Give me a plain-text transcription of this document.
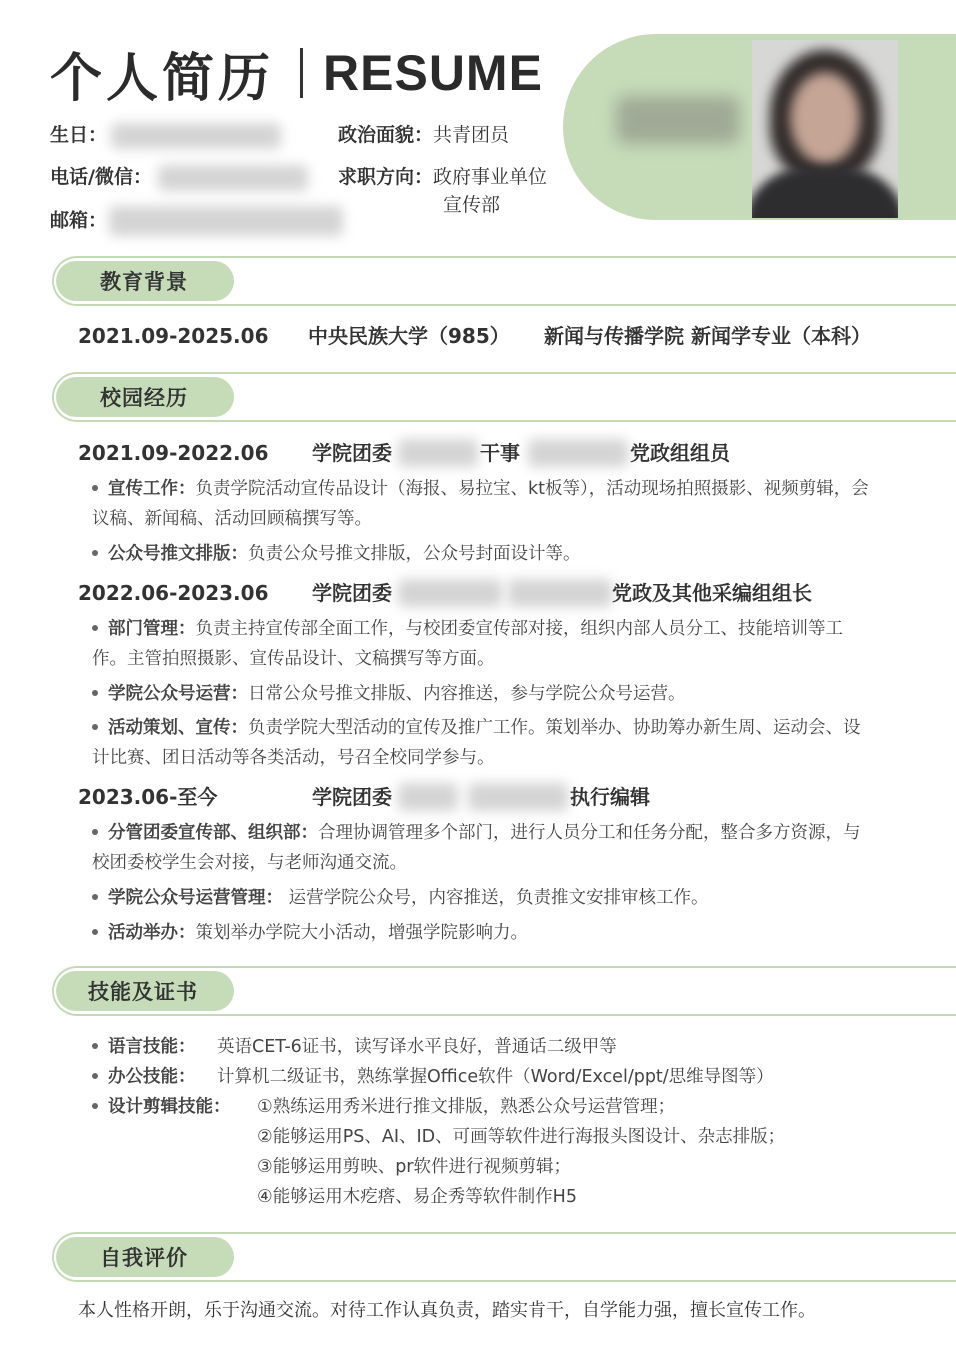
个人简历 RESUME
生日：
电话/微信：
邮箱：
政治面貌：共青团员
求职方向：政府事业单位
宣传部
教育背景
2021.09-2025.06 中央民族大学（985） 新闻与传播学院 新闻学专业（本科）
校园经历
2021.09-2022.06 学院团委	干事	党政组组员
宣传工作：负责学院活动宣传品设计（海报、易拉宝、kt板等），活动现场拍照摄影、视频剪辑，会议稿、新闻稿、活动回顾稿撰写等。
公众号推文排版：负责公众号推文排版，公众号封面设计等。
2022.06-2023.06 学院团委	党政及其他采编组组长
部门管理：负责主持宣传部全面工作，与校团委宣传部对接，组织内部人员分工、技能培训等工作。主管拍照摄影、宣传品设计、文稿撰写等方面。
学院公众号运营：日常公众号推文排版、内容推送，参与学院公众号运营。
活动策划、宣传：负责学院大型活动的宣传及推广工作。策划举办、协助筹办新生周、运动会、设计比赛、团日活动等各类活动，号召全校同学参与。
2023.06-至今	学院团委	执行编辑
分管团委宣传部、组织部：合理协调管理多个部门，进行人员分工和任务分配，整合多方资源，与校团委校学生会对接，与老师沟通交流。
学院公众号运营管理： 运营学院公众号，内容推送，负责推文安排审核工作。
活动举办：策划举办学院大小活动，增强学院影响力。
技能及证书
语言技能： 英语CET-6证书，读写译水平良好，普通话二级甲等
办公技能： 计算机二级证书，熟练掌握Office软件（Word/Excel/ppt/思维导图等）
设计剪辑技能： ①熟练运用秀米进行推文排版，熟悉公众号运营管理；
②能够运用PS、AI、ID、可画等软件进行海报头图设计、杂志排版；
③能够运用剪映、pr软件进行视频剪辑；
④能够运用木疙瘩、易企秀等软件制作H5
自我评价
本人性格开朗，乐于沟通交流。对待工作认真负责，踏实肯干，自学能力强，擅长宣传工作。
